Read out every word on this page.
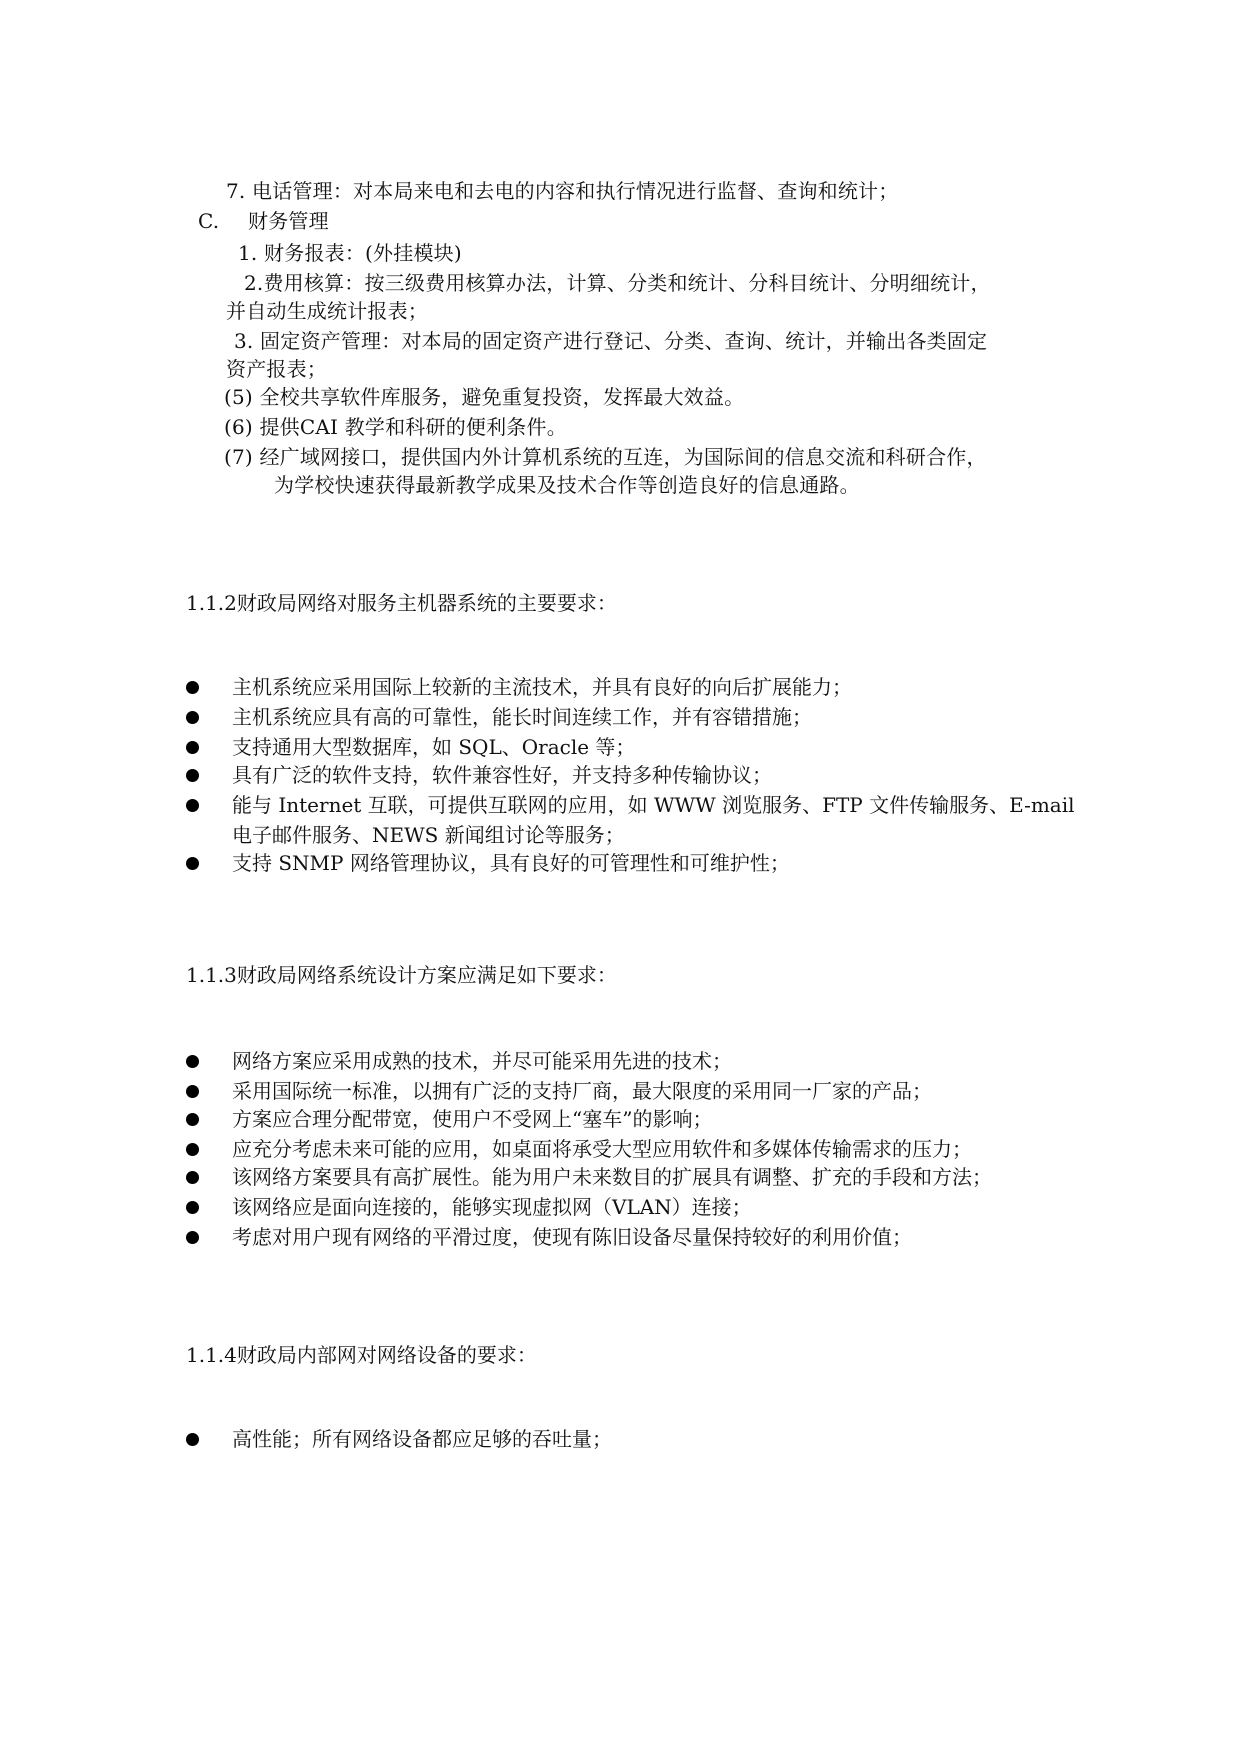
7. 电话管理：对本局来电和去电的内容和执行情况进行监督、查询和统计；
C. 财务管理
1. 财务报表：(外挂模块)
2.费用核算：按三级费用核算办法，计算、分类和统计、分科目统计、分明细统计，
并自动生成统计报表；
3. 固定资产管理：对本局的固定资产进行登记、分类、查询、统计，并输出各类固定
资产报表；
(5) 全校共享软件库服务，避免重复投资，发挥最大效益。
(6) 提供CAI 教学和科研的便利条件。
(7) 经广域网接口，提供国内外计算机系统的互连，为国际间的信息交流和科研合作，
为学校快速获得最新教学成果及技术合作等创造良好的信息通路。
1.1.2财政局网络对服务主机器系统的主要要求：
主机系统应采用国际上较新的主流技术，并具有良好的向后扩展能力；
主机系统应具有高的可靠性，能长时间连续工作，并有容错措施；
支持通用大型数据库，如 SQL、Oracle 等；
具有广泛的软件支持，软件兼容性好，并支持多种传输协议；
能与 Internet 互联，可提供互联网的应用，如 WWW 浏览服务、FTP 文件传输服务、E-mail
电子邮件服务、NEWS 新闻组讨论等服务；
支持 SNMP 网络管理协议，具有良好的可管理性和可维护性；
1.1.3财政局网络系统设计方案应满足如下要求：
网络方案应采用成熟的技术，并尽可能采用先进的技术；
采用国际统一标准，以拥有广泛的支持厂商，最大限度的采用同一厂家的产品；
方案应合理分配带宽，使用户不受网上“塞车”的影响；
应充分考虑未来可能的应用，如桌面将承受大型应用软件和多媒体传输需求的压力；
该网络方案要具有高扩展性。能为用户未来数目的扩展具有调整、扩充的手段和方法；
该网络应是面向连接的，能够实现虚拟网（VLAN）连接；
考虑对用户现有网络的平滑过度，使现有陈旧设备尽量保持较好的利用价值；
1.1.4财政局内部网对网络设备的要求：
高性能；所有网络设备都应足够的吞吐量；
